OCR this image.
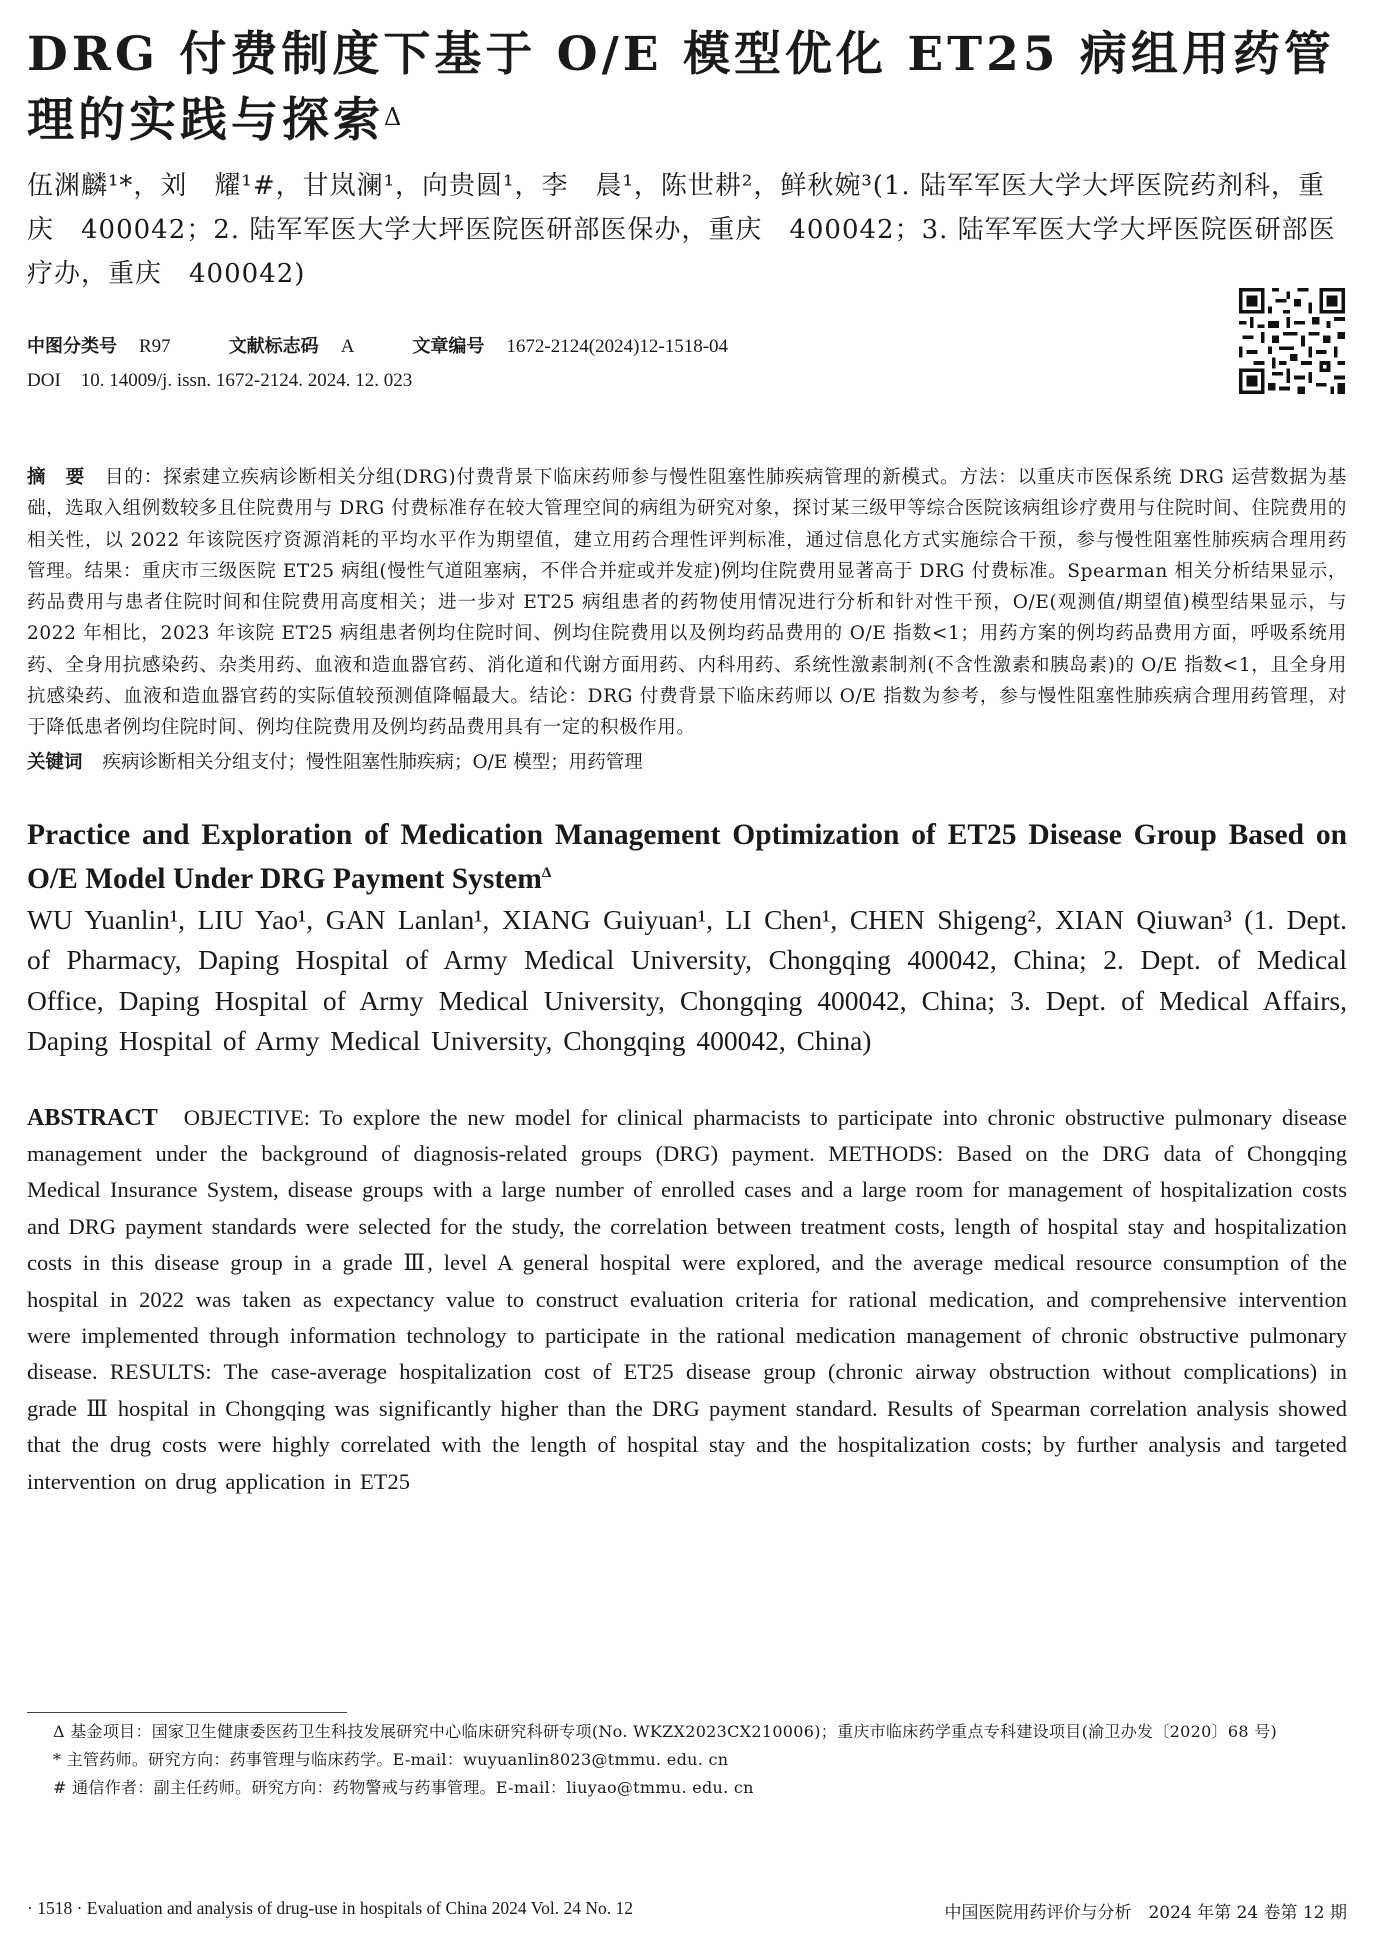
DRG 付费制度下基于 O/E 模型优化 ET25 病组用药管理的实践与探索$^\Delta$
伍渊麟¹*，刘　耀¹#，甘岚澜¹，向贵圆¹，李　晨¹，陈世耕²，鲜秋婉³(1. 陆军军医大学大坪医院药剂科，重庆　400042；2. 陆军军医大学大坪医院医研部医保办，重庆　400042；3. 陆军军医大学大坪医院医研部医疗办，重庆　400042)
中图分类号 R97	文献标志码 A	文章编号 1672-2124(2024)12-1518-04
DOI 10. 14009/j. issn. 1672-2124. 2024. 12. 023
摘　要 目的：探索建立疾病诊断相关分组(DRG)付费背景下临床药师参与慢性阻塞性肺疾病管理的新模式。方法：以重庆市医保系统 DRG 运营数据为基础，选取入组例数较多且住院费用与 DRG 付费标准存在较大管理空间的病组为研究对象，探讨某三级甲等综合医院该病组诊疗费用与住院时间、住院费用的相关性，以 2022 年该院医疗资源消耗的平均水平作为期望值，建立用药合理性评判标准，通过信息化方式实施综合干预，参与慢性阻塞性肺疾病合理用药管理。结果：重庆市三级医院 ET25 病组(慢性气道阻塞病，不伴合并症或并发症)例均住院费用显著高于 DRG 付费标准。Spearman 相关分析结果显示，药品费用与患者住院时间和住院费用高度相关；进一步对 ET25 病组患者的药物使用情况进行分析和针对性干预，O/E(观测值/期望值)模型结果显示，与 2022 年相比，2023 年该院 ET25 病组患者例均住院时间、例均住院费用以及例均药品费用的 O/E 指数<1；用药方案的例均药品费用方面，呼吸系统用药、全身用抗感染药、杂类用药、血液和造血器官药、消化道和代谢方面用药、内科用药、系统性激素制剂(不含性激素和胰岛素)的 O/E 指数<1，且全身用抗感染药、血液和造血器官药的实际值较预测值降幅最大。结论：DRG 付费背景下临床药师以 O/E 指数为参考，参与慢性阻塞性肺疾病合理用药管理，对于降低患者例均住院时间、例均住院费用及例均药品费用具有一定的积极作用。
关键词 疾病诊断相关分组支付；慢性阻塞性肺疾病；O/E 模型；用药管理
Practice and Exploration of Medication Management Optimization of ET25 Disease Group Based on O/E Model Under DRG Payment System$^\Delta$
WU Yuanlin¹, LIU Yao¹, GAN Lanlan¹, XIANG Guiyuan¹, LI Chen¹, CHEN Shigeng², XIAN Qiuwan³ (1. Dept. of Pharmacy, Daping Hospital of Army Medical University, Chongqing 400042, China; 2. Dept. of Medical Office, Daping Hospital of Army Medical University, Chongqing 400042, China; 3. Dept. of Medical Affairs, Daping Hospital of Army Medical University, Chongqing 400042, China)
ABSTRACT OBJECTIVE: To explore the new model for clinical pharmacists to participate into chronic obstructive pulmonary disease management under the background of diagnosis-related groups (DRG) payment. METHODS: Based on the DRG data of Chongqing Medical Insurance System, disease groups with a large number of enrolled cases and a large room for management of hospitalization costs and DRG payment standards were selected for the study, the correlation between treatment costs, length of hospital stay and hospitalization costs in this disease group in a grade Ⅲ, level A general hospital were explored, and the average medical resource consumption of the hospital in 2022 was taken as expectancy value to construct evaluation criteria for rational medication, and comprehensive intervention were implemented through information technology to participate in the rational medication management of chronic obstructive pulmonary disease. RESULTS: The case-average hospitalization cost of ET25 disease group (chronic airway obstruction without complications) in grade Ⅲ hospital in Chongqing was significantly higher than the DRG payment standard. Results of Spearman correlation analysis showed that the drug costs were highly correlated with the length of hospital stay and the hospitalization costs; by further analysis and targeted intervention on drug application in ET25
Δ 基金项目：国家卫生健康委医药卫生科技发展研究中心临床研究科研专项(No. WKZX2023CX210006)；重庆市临床药学重点专科建设项目(渝卫办发〔2020〕68 号)
* 主管药师。研究方向：药事管理与临床药学。E-mail：wuyuanlin8023@tmmu. edu. cn
# 通信作者：副主任药师。研究方向：药物警戒与药事管理。E-mail：liuyao@tmmu. edu. cn
· 1518 · Evaluation and analysis of drug-use in hospitals of China 2024 Vol. 24 No. 12	中国医院用药评价与分析　2024 年第 24 卷第 12 期
